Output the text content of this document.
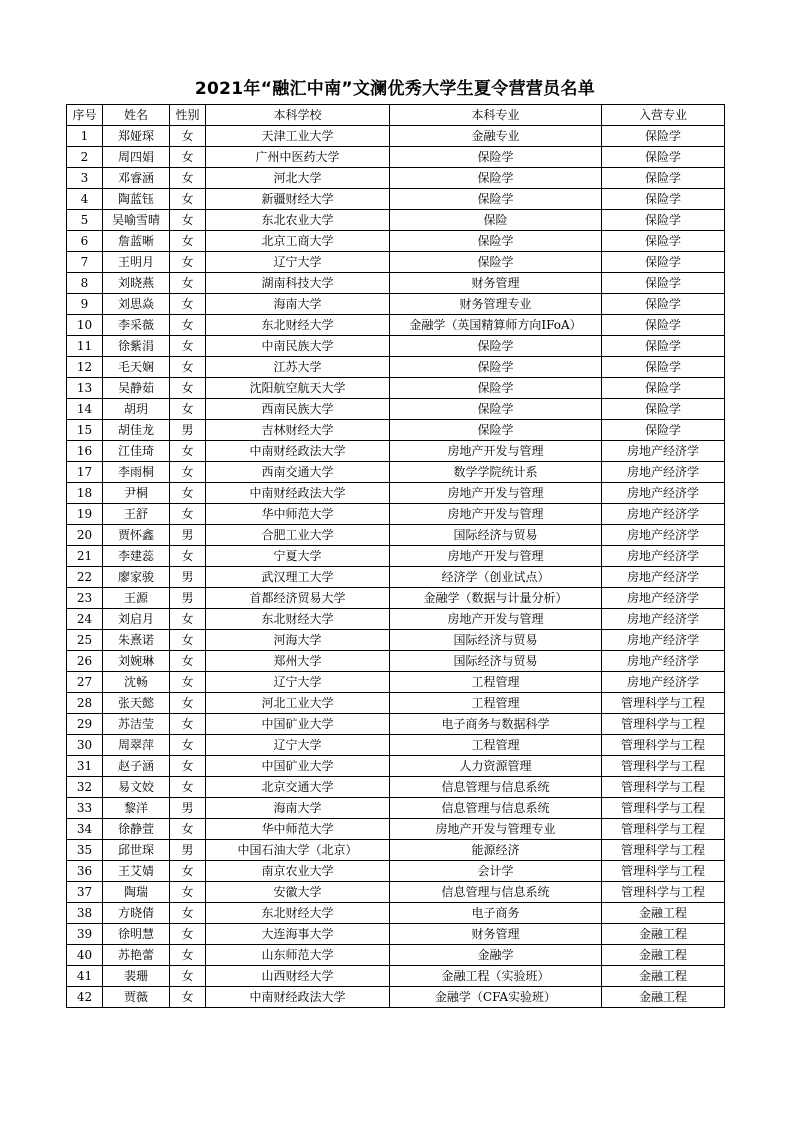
2021年“融汇中南”文澜优秀大学生夏令营营员名单
序号	姓名	性别	本科学校	本科专业	入营专业
1	郑娅琛	女	天津工业大学	金融专业	保险学
2	周四娟	女	广州中医药大学	保险学	保险学
3	邓睿涵	女	河北大学	保险学	保险学
4	陶蓝钰	女	新疆财经大学	保险学	保险学
5	吴喻雪晴	女	东北农业大学	保险	保险学
6	詹蓝晰	女	北京工商大学	保险学	保险学
7	王明月	女	辽宁大学	保险学	保险学
8	刘晓燕	女	湖南科技大学	财务管理	保险学
9	刘思焱	女	海南大学	财务管理专业	保险学
10	李采薇	女	东北财经大学	金融学（英国精算师方向IFoA）	保险学
11	徐紫涓	女	中南民族大学	保险学	保险学
12	毛天娴	女	江苏大学	保险学	保险学
13	吴静茹	女	沈阳航空航天大学	保险学	保险学
14	胡玥	女	西南民族大学	保险学	保险学
15	胡佳龙	男	吉林财经大学	保险学	保险学
16	江佳琦	女	中南财经政法大学	房地产开发与管理	房地产经济学
17	李雨桐	女	西南交通大学	数学学院统计系	房地产经济学
18	尹桐	女	中南财经政法大学	房地产开发与管理	房地产经济学
19	王舒	女	华中师范大学	房地产开发与管理	房地产经济学
20	贾怀鑫	男	合肥工业大学	国际经济与贸易	房地产经济学
21	李建蕊	女	宁夏大学	房地产开发与管理	房地产经济学
22	廖家骏	男	武汉理工大学	经济学（创业试点）	房地产经济学
23	王源	男	首都经济贸易大学	金融学（数据与计量分析）	房地产经济学
24	刘启月	女	东北财经大学	房地产开发与管理	房地产经济学
25	朱熹诺	女	河海大学	国际经济与贸易	房地产经济学
26	刘婉琳	女	郑州大学	国际经济与贸易	房地产经济学
27	沈畅	女	辽宁大学	工程管理	房地产经济学
28	张天懿	女	河北工业大学	工程管理	管理科学与工程
29	苏洁莹	女	中国矿业大学	电子商务与数据科学	管理科学与工程
30	周翠萍	女	辽宁大学	工程管理	管理科学与工程
31	赵子涵	女	中国矿业大学	人力资源管理	管理科学与工程
32	易文姣	女	北京交通大学	信息管理与信息系统	管理科学与工程
33	黎洋	男	海南大学	信息管理与信息系统	管理科学与工程
34	徐静萱	女	华中师范大学	房地产开发与管理专业	管理科学与工程
35	邱世琛	男	中国石油大学（北京）	能源经济	管理科学与工程
36	王艾婧	女	南京农业大学	会计学	管理科学与工程
37	陶瑞	女	安徽大学	信息管理与信息系统	管理科学与工程
38	方晓倩	女	东北财经大学	电子商务	金融工程
39	徐明慧	女	大连海事大学	财务管理	金融工程
40	苏艳蕾	女	山东师范大学	金融学	金融工程
41	裴珊	女	山西财经大学	金融工程（实验班）	金融工程
42	贾薇	女	中南财经政法大学	金融学（CFA实验班）	金融工程
